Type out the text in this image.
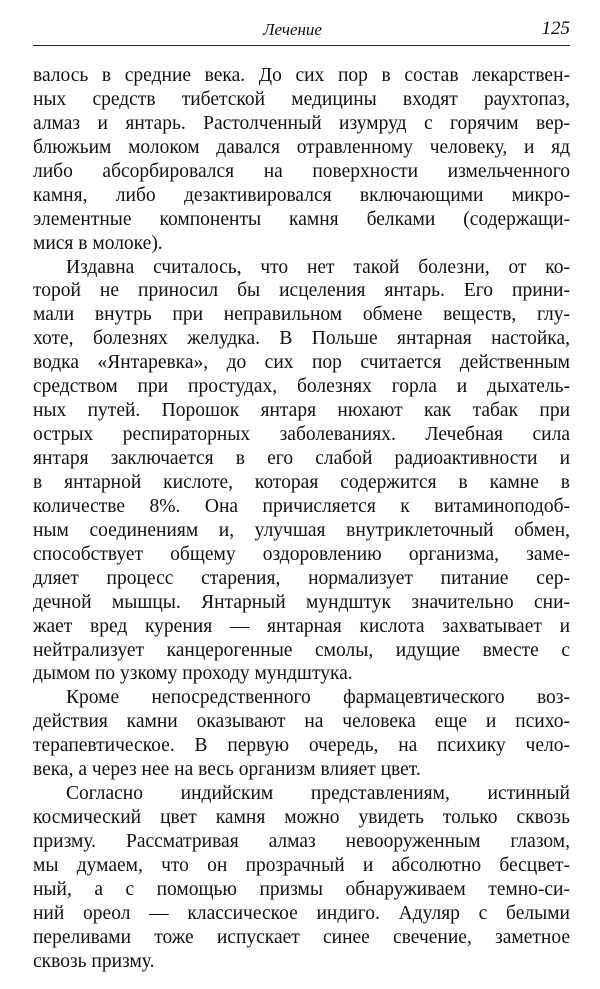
Лечение	125
валось в средние века. До сих пор в состав лекарствен-
ных средств тибетской медицины входят раухтопаз,
алмаз и янтарь. Растолченный изумруд с горячим вер-
блюжьим молоком давался отравленному человеку, и яд
либо абсорбировался на поверхности измельченного
камня, либо дезактивировался включающими микро-
элементные компоненты камня белками (содержащи-
мися в молоке).
Издавна считалось, что нет такой болезни, от ко-
торой не приносил бы исцеления янтарь. Его прини-
мали внутрь при неправильном обмене веществ, глу-
хоте, болезнях желудка. В Польше янтарная настойка,
водка «Янтаревка», до сих пор считается действенным
средством при простудах, болезнях горла и дыхатель-
ных путей. Порошок янтаря нюхают как табак при
острых респираторных заболеваниях. Лечебная сила
янтаря заключается в его слабой радиоактивности и
в янтарной кислоте, которая содержится в камне в
количестве 8%. Она причисляется к витаминоподоб-
ным соединениям и, улучшая внутриклеточный обмен,
способствует общему оздоровлению организма, заме-
дляет процесс старения, нормализует питание сер-
дечной мышцы. Янтарный мундштук значительно сни-
жает вред курения — янтарная кислота захватывает и
нейтрализует канцерогенные смолы, идущие вместе с
дымом по узкому проходу мундштука.
Кроме непосредственного фармацевтического воз-
действия камни оказывают на человека еще и психо-
терапевтическое. В первую очередь, на психику чело-
века, а через нее на весь организм влияет цвет.
Согласно индийским представлениям, истинный
космический цвет камня можно увидеть только сквозь
призму. Рассматривая алмаз невооруженным глазом,
мы думаем, что он прозрачный и абсолютно бесцвет-
ный, а с помощью призмы обнаруживаем темно-си-
ний ореол — классическое индиго. Адуляр с белыми
переливами тоже испускает синее свечение, заметное
сквозь призму.
